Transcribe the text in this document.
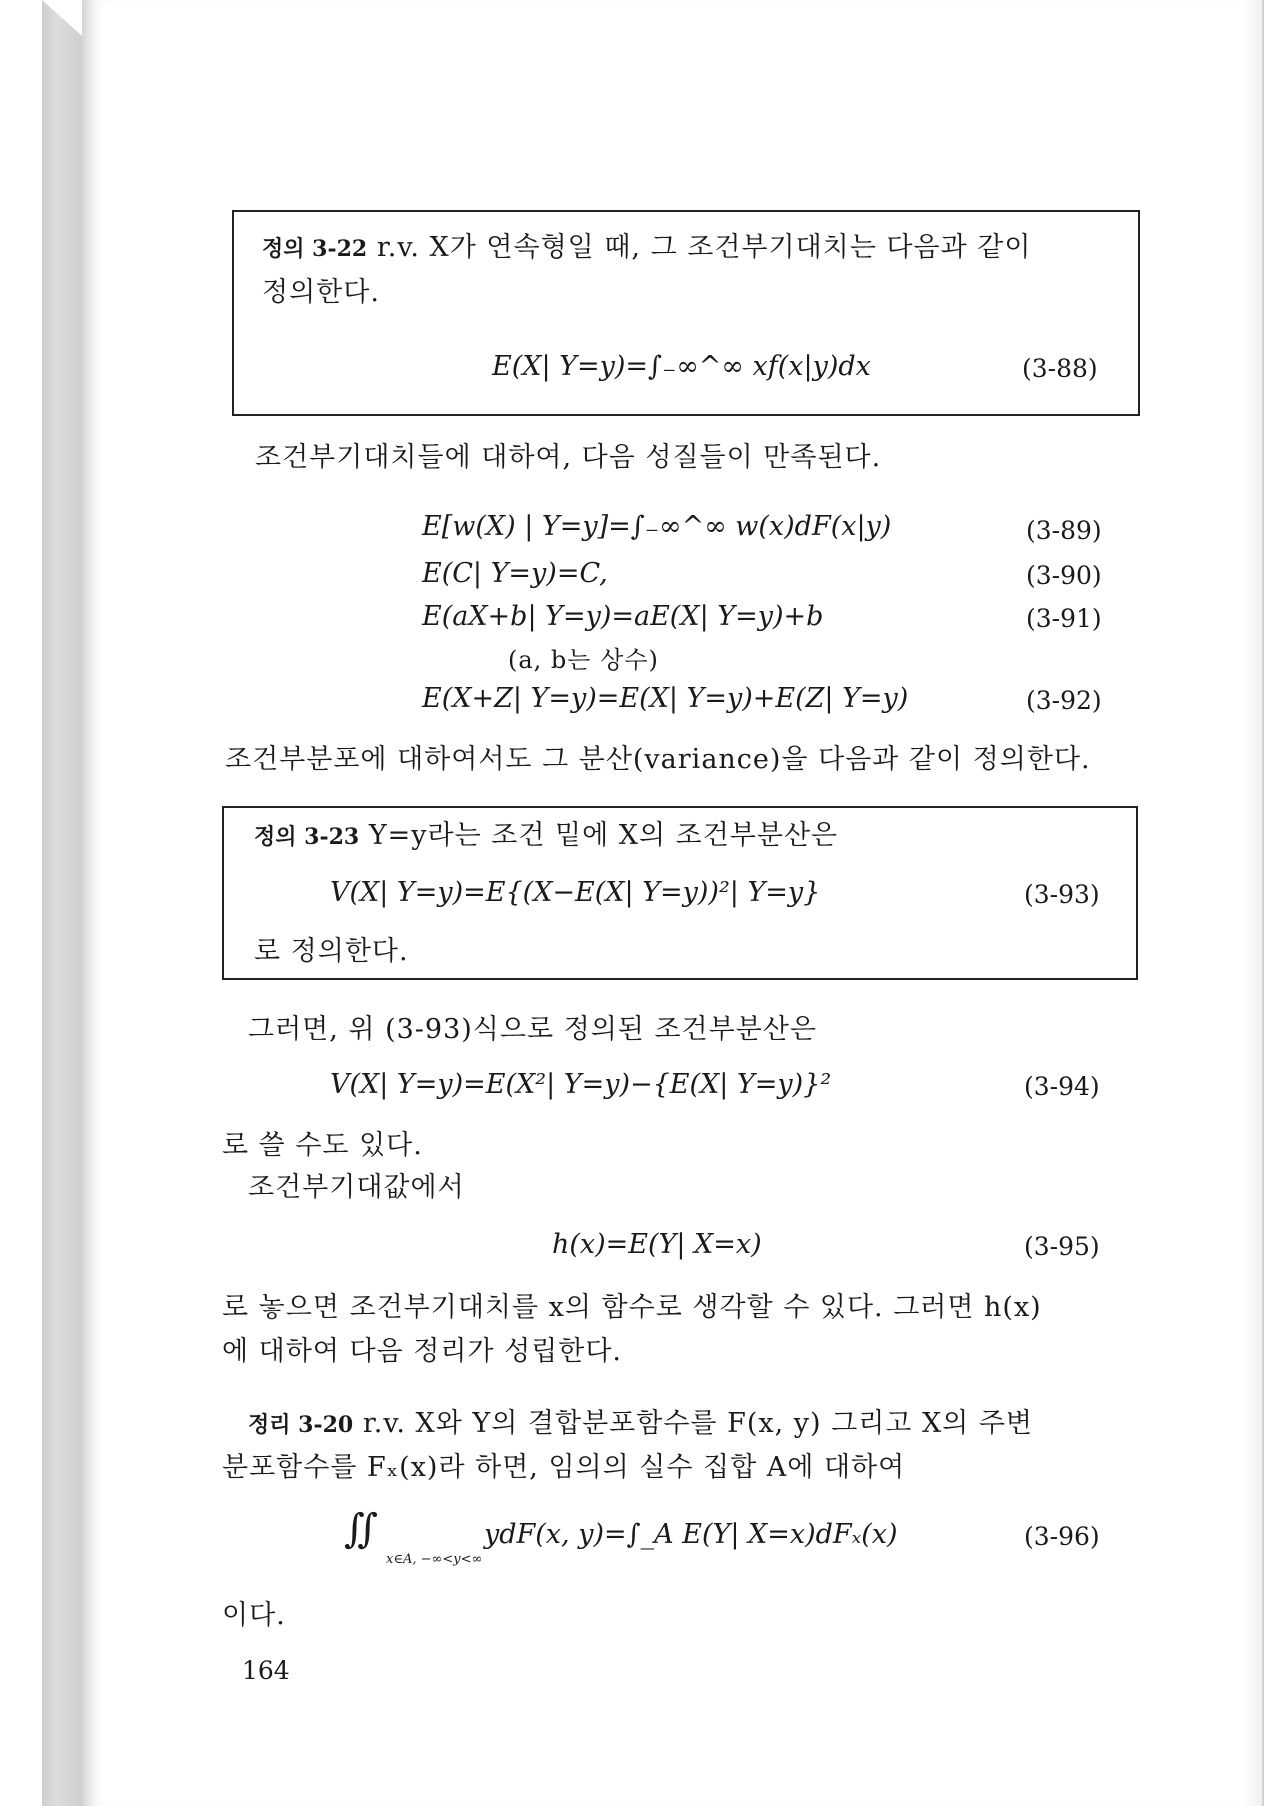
정의 3-22 r.v. X가 연속형일 때, 그 조건부기대치는 다음과 같이
정의한다.
E(X| Y=y)=∫₋∞^∞ xf(x|y)dx	(3-88)
조건부기대치들에 대하여, 다음 성질들이 만족된다.
E[w(X) | Y=y]=∫₋∞^∞ w(x)dF(x|y)	(3-89)
E(C| Y=y)=C,	(3-90)
E(aX+b| Y=y)=aE(X| Y=y)+b	(3-91)
(a, b는 상수)
E(X+Z| Y=y)=E(X| Y=y)+E(Z| Y=y)	(3-92)
조건부분포에 대하여서도 그 분산(variance)을 다음과 같이 정의한다.
정의 3-23 Y=y라는 조건 밑에 X의 조건부분산은
V(X| Y=y)=E{(X−E(X| Y=y))²| Y=y}	(3-93)
로 정의한다.
그러면, 위 (3-93)식으로 정의된 조건부분산은
V(X| Y=y)=E(X²| Y=y)−{E(X| Y=y)}²	(3-94)
로 쓸 수도 있다.
조건부기대값에서
h(x)=E(Y| X=x)	(3-95)
로 놓으면 조건부기대치를 x의 함수로 생각할 수 있다. 그러면 h(x)
에 대하여 다음 정리가 성립한다.
정리 3-20 r.v. X와 Y의 결합분포함수를 F(x, y) 그리고 X의 주변
분포함수를 Fₓ(x)라 하면, 임의의 실수 집합 A에 대하여
∬
x∈A, −∞<y<∞
ydF(x, y)=∫_A E(Y| X=x)dFₓ(x)	(3-96)
이다.
164
